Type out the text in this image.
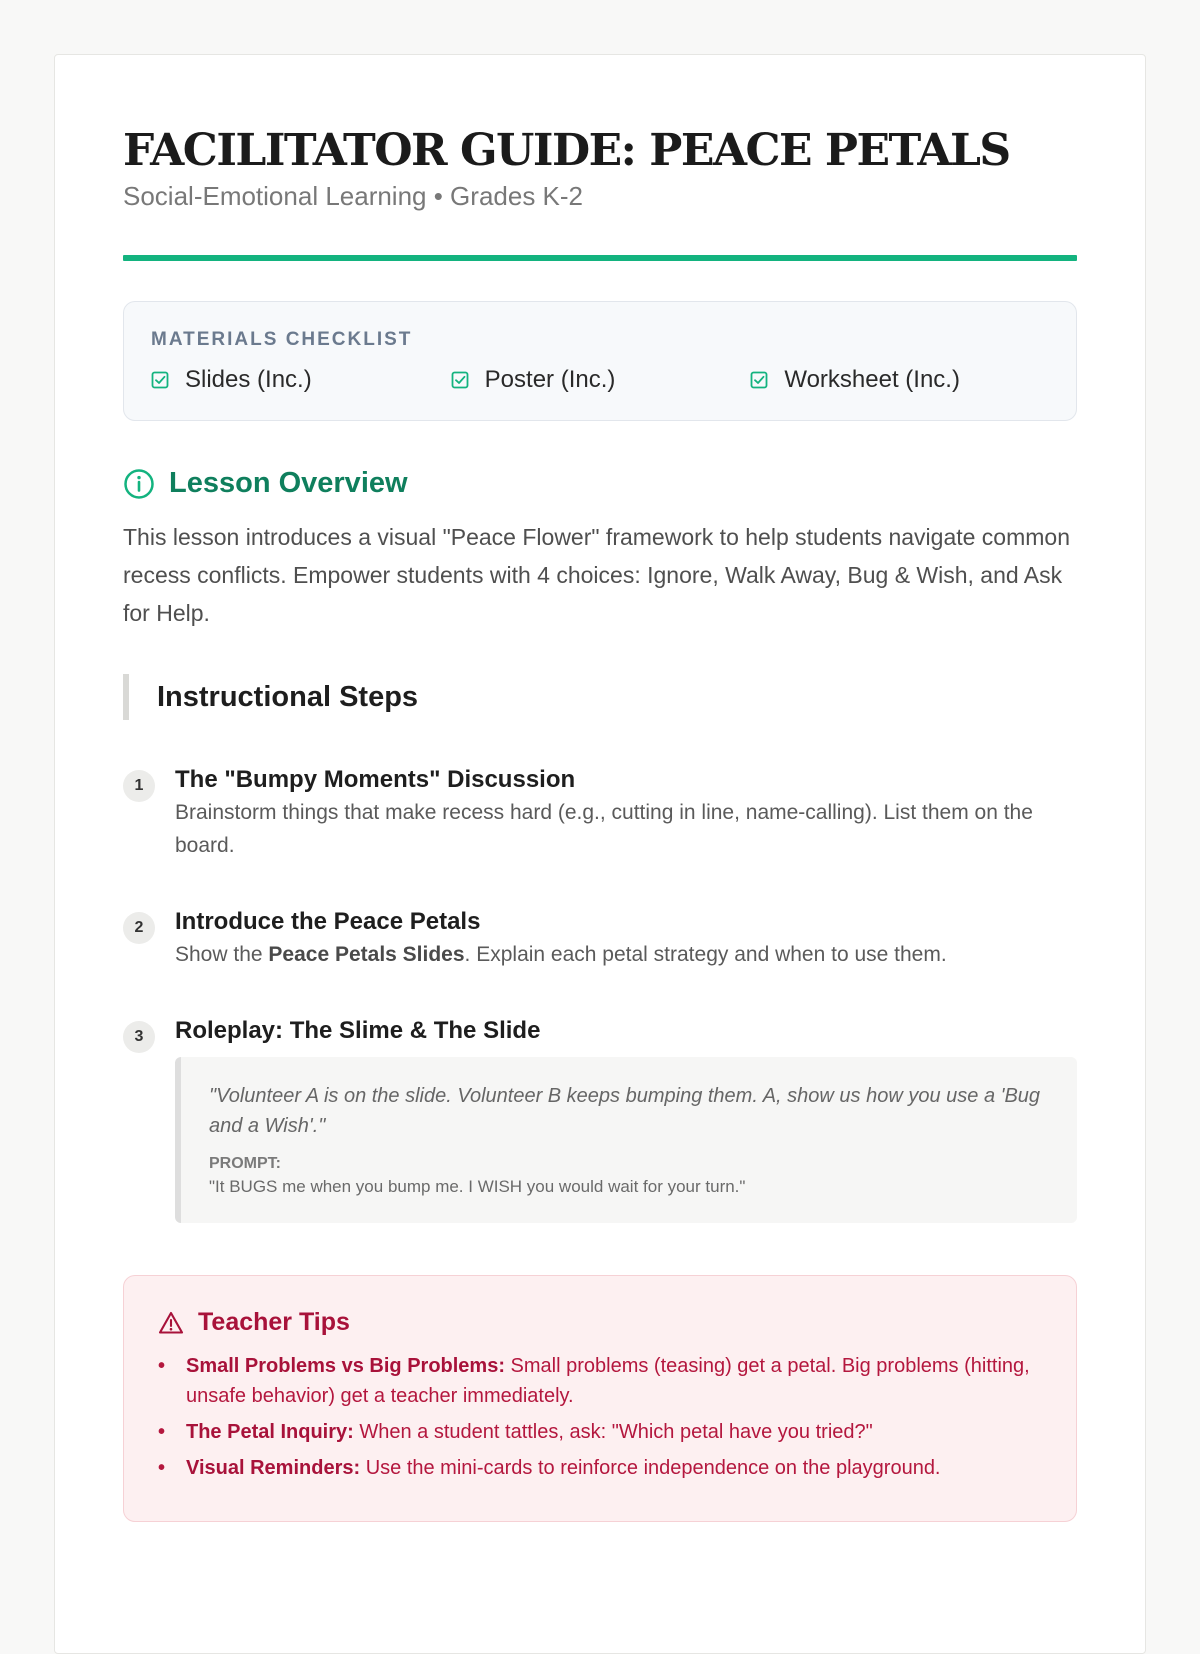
FACILITATOR GUIDE: PEACE PETALS
Social-Emotional Learning • Grades K-2
MATERIALS CHECKLIST
Slides (Inc.)	Poster (Inc.)	Worksheet (Inc.)
Lesson Overview
This lesson introduces a visual "Peace Flower" framework to help students navigate common recess conflicts. Empower students with 4 choices: Ignore, Walk Away, Bug & Wish, and Ask for Help.
Instructional Steps
1	The "Bumpy Moments" Discussion
Brainstorm things that make recess hard (e.g., cutting in line, name-calling). List them on the board.
2	Introduce the Peace Petals
Show the Peace Petals Slides. Explain each petal strategy and when to use them.
3	Roleplay: The Slime & The Slide
"Volunteer A is on the slide. Volunteer B keeps bumping them. A, show us how you use a 'Bug and a Wish'."
PROMPT:
"It BUGS me when you bump me. I WISH you would wait for your turn."
Teacher Tips
• Small Problems vs Big Problems: Small problems (teasing) get a petal. Big problems (hitting, unsafe behavior) get a teacher immediately.
• The Petal Inquiry: When a student tattles, ask: "Which petal have you tried?"
• Visual Reminders: Use the mini-cards to reinforce independence on the playground.
